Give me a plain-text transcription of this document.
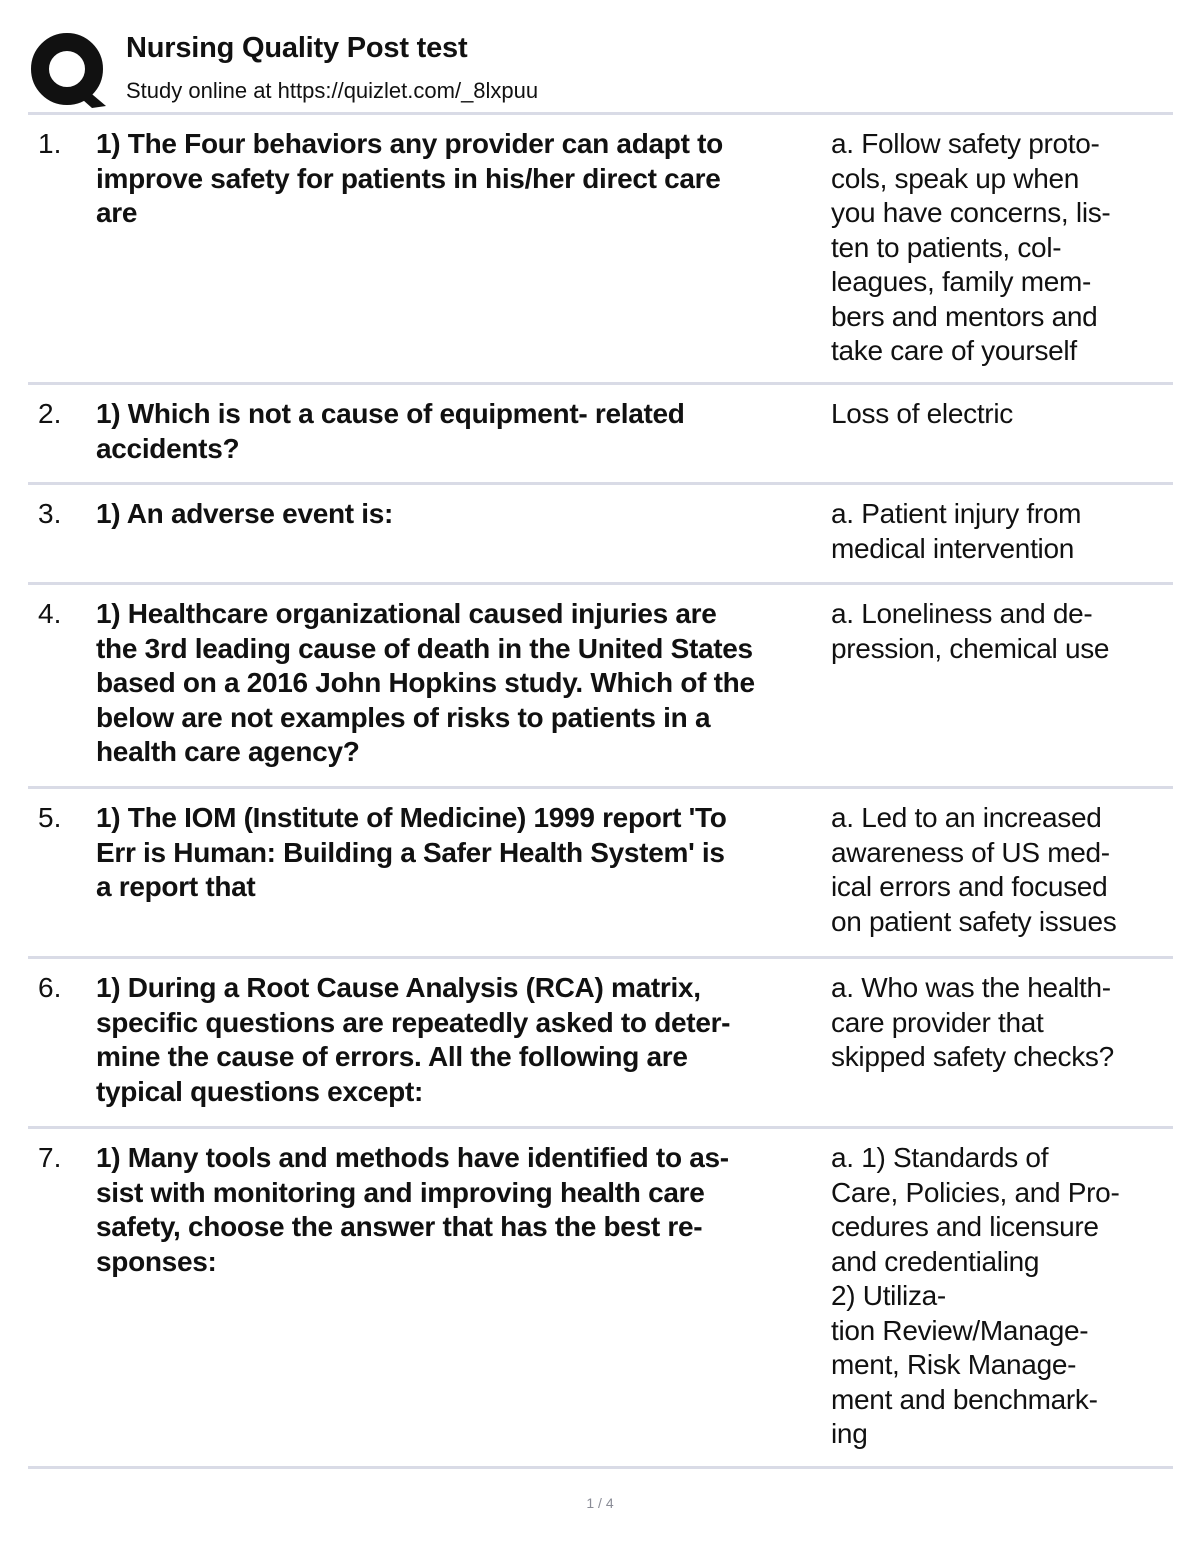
Nursing Quality Post test
Study online at https://quizlet.com/_8lxpuu
1. 1) The Four behaviors any provider can adapt to
improve safety for patients in his/her direct care
are
a. Follow safety proto-
cols, speak up when
you have concerns, lis-
ten to patients, col-
leagues, family mem-
bers and mentors and
take care of yourself
2. 1) Which is not a cause of equipment- related
accidents?
Loss of electric
3. 1) An adverse event is:	a. Patient injury from
medical intervention
4. 1) Healthcare organizational caused injuries are
the 3rd leading cause of death in the United States
based on a 2016 John Hopkins study. Which of the
below are not examples of risks to patients in a
health care agency?
a. Loneliness and de-
pression, chemical use
5. 1) The IOM (Institute of Medicine) 1999 report 'To
Err is Human: Building a Safer Health System' is
a report that
a. Led to an increased
awareness of US med-
ical errors and focused
on patient safety issues
6. 1) During a Root Cause Analysis (RCA) matrix,
specific questions are repeatedly asked to deter-
mine the cause of errors. All the following are
typical questions except:
a. Who was the health-
care provider that
skipped safety checks?
7. 1) Many tools and methods have identified to as-
sist with monitoring and improving health care
safety, choose the answer that has the best re-
sponses:
a. 1) Standards of
Care, Policies, and Pro-
cedures and licensure
and credentialing
2) Utiliza-
tion Review/Manage-
ment, Risk Manage-
ment and benchmark-
ing
1 / 4
